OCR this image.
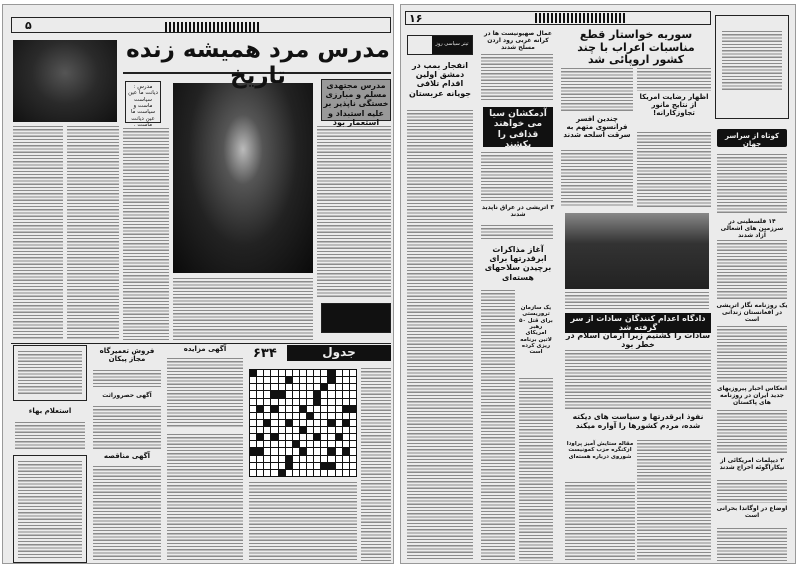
۵
مدرس مرد همیشه زنده تاریخ	مدرس مجتهدی مسلم و مبارزی خستگی ناپذیر بر علیه استبداد و استعمار بود
مدرس : دیانت ما عین سیاست ماست و سیاست ما عین دیانت ماست .
استعلام بهاء
فروش تعمیرگاه مجاز پیکان
آگهی حصروراثت
آگهی مناقصه
آگهی مزایده	جدول
۶۳۴
۱۶
تیتر سیاسی روز
انفجار بمب در دمشق اولین اقدام تلافی جویانه عربستان
عمال صهیونیست ها در کرانه غربی رود اردن مسلح شدند
آدمکشان سیا می خواهند قذافی را بکشند
۳ اتریشی در عراق ناپدید شدند
آغاز مذاکرات ابرقدرتها برای برچیدن سلاحهای هسته‌ای
یک سازمان تروریستی برای قتل ۵۰ رهبر امریکای لاتین برنامه ریزی کرده است
سوریه خواستار قطع مناسبات اعراب با چند کشور اروپائی شد
چندین افسر فرانسوی متهم به سرقت اسلحه شدند
اظهار رضایت امریکا از نتایج مانور تجاوزکارانه!
دادگاه اعدام کنندگان سادات از سر گرفته شد
سادات را کشتیم زیرا آرمان اسلام در خطر بود
نفوذ ابرقدرتها و سیاست های دیکته شده، مردم کشورها را آواره میکند
مقاله ستایش آمیز پراودا ازکنگره حزب کمونیست شوروی درباره هسته‌ای
کوتاه از سراسر جهان
۱۴ فلسطینی در سرزمین های اشغالی آزاد شدند
یک روزنامه نگار اتریشی در افغانستان زندانی است
انعکاس اخبار پیروزیهای جدید ایران در روزنامه های پاکستان
۲ دیپلمات امریکائی از نیکاراگوئه اخراج شدند
اوضاع در اوگاندا بحرانی است
